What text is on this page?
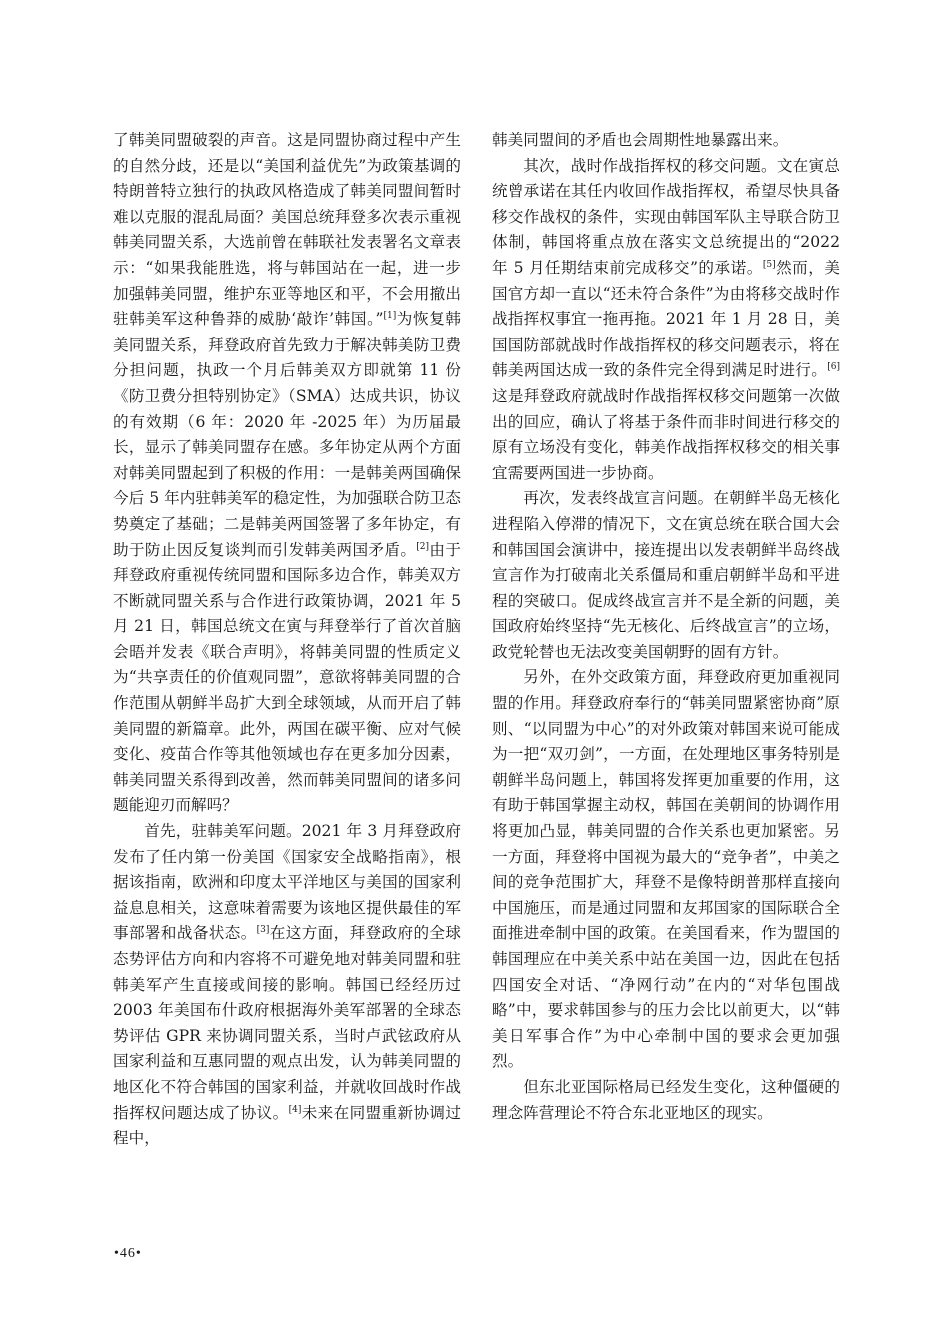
了韩美同盟破裂的声音。这是同盟协商过程中产生的自然分歧，还是以“美国利益优先”为政策基调的特朗普特立独行的执政风格造成了韩美同盟间暂时难以克服的混乱局面？美国总统拜登多次表示重视韩美同盟关系，大选前曾在韩联社发表署名文章表示：“如果我能胜选，将与韩国站在一起，进一步加强韩美同盟，维护东亚等地区和平，不会用撤出驻韩美军这种鲁莽的威胁‘敲诈’韩国。”[1]为恢复韩美同盟关系，拜登政府首先致力于解决韩美防卫费分担问题，执政一个月后韩美双方即就第 11 份《防卫费分担特别协定》（SMA）达成共识，协议的有效期（6 年：2020 年 -2025 年）为历届最长，显示了韩美同盟存在感。多年协定从两个方面对韩美同盟起到了积极的作用：一是韩美两国确保今后 5 年内驻韩美军的稳定性，为加强联合防卫态势奠定了基础；二是韩美两国签署了多年协定，有助于防止因反复谈判而引发韩美两国矛盾。[2]由于拜登政府重视传统同盟和国际多边合作，韩美双方不断就同盟关系与合作进行政策协调，2021 年 5 月 21 日，韩国总统文在寅与拜登举行了首次首脑会晤并发表《联合声明》，将韩美同盟的性质定义为“共享责任的价值观同盟”，意欲将韩美同盟的合作范围从朝鲜半岛扩大到全球领域，从而开启了韩美同盟的新篇章。此外，两国在碳平衡、应对气候变化、疫苗合作等其他领域也存在更多加分因素，韩美同盟关系得到改善，然而韩美同盟间的诸多问题能迎刃而解吗？

首先，驻韩美军问题。2021 年 3 月拜登政府发布了任内第一份美国《国家安全战略指南》，根据该指南，欧洲和印度太平洋地区与美国的国家利益息息相关，这意味着需要为该地区提供最佳的军事部署和战备状态。[3]在这方面，拜登政府的全球态势评估方向和内容将不可避免地对韩美同盟和驻韩美军产生直接或间接的影响。韩国已经经历过 2003 年美国布什政府根据海外美军部署的全球态势评估 GPR 来协调同盟关系，当时卢武铉政府从国家利益和互惠同盟的观点出发，认为韩美同盟的地区化不符合韩国的国家利益，并就收回战时作战指挥权问题达成了协议。[4]未来在同盟重新协调过程中，

韩美同盟间的矛盾也会周期性地暴露出来。

其次，战时作战指挥权的移交问题。文在寅总统曾承诺在其任内收回作战指挥权，希望尽快具备移交作战权的条件，实现由韩国军队主导联合防卫体制，韩国将重点放在落实文总统提出的“2022 年 5 月任期结束前完成移交”的承诺。[5]然而，美国官方却一直以“还未符合条件”为由将移交战时作战指挥权事宜一拖再拖。2021 年 1 月 28 日，美国国防部就战时作战指挥权的移交问题表示，将在韩美两国达成一致的条件完全得到满足时进行。[6]这是拜登政府就战时作战指挥权移交问题第一次做出的回应，确认了将基于条件而非时间进行移交的原有立场没有变化，韩美作战指挥权移交的相关事宜需要两国进一步协商。

再次，发表终战宣言问题。在朝鲜半岛无核化进程陷入停滞的情况下，文在寅总统在联合国大会和韩国国会演讲中，接连提出以发表朝鲜半岛终战宣言作为打破南北关系僵局和重启朝鲜半岛和平进程的突破口。促成终战宣言并不是全新的问题，美国政府始终坚持“先无核化、后终战宣言”的立场，政党轮替也无法改变美国朝野的固有方针。

另外，在外交政策方面，拜登政府更加重视同盟的作用。拜登政府奉行的“韩美同盟紧密协商”原则、“以同盟为中心”的对外政策对韩国来说可能成为一把“双刃剑”，一方面，在处理地区事务特别是朝鲜半岛问题上，韩国将发挥更加重要的作用，这有助于韩国掌握主动权，韩国在美朝间的协调作用将更加凸显，韩美同盟的合作关系也更加紧密。另一方面，拜登将中国视为最大的“竞争者”，中美之间的竞争范围扩大，拜登不是像特朗普那样直接向中国施压，而是通过同盟和友邦国家的国际联合全面推进牵制中国的政策。在美国看来，作为盟国的韩国理应在中美关系中站在美国一边，因此在包括四国安全对话、“净网行动”在内的“对华包围战略”中，要求韩国参与的压力会比以前更大，以“韩美日军事合作”为中心牵制中国的要求会更加强烈。

但东北亚国际格局已经发生变化，这种僵硬的理念阵营理论不符合东北亚地区的现实。

•46•
